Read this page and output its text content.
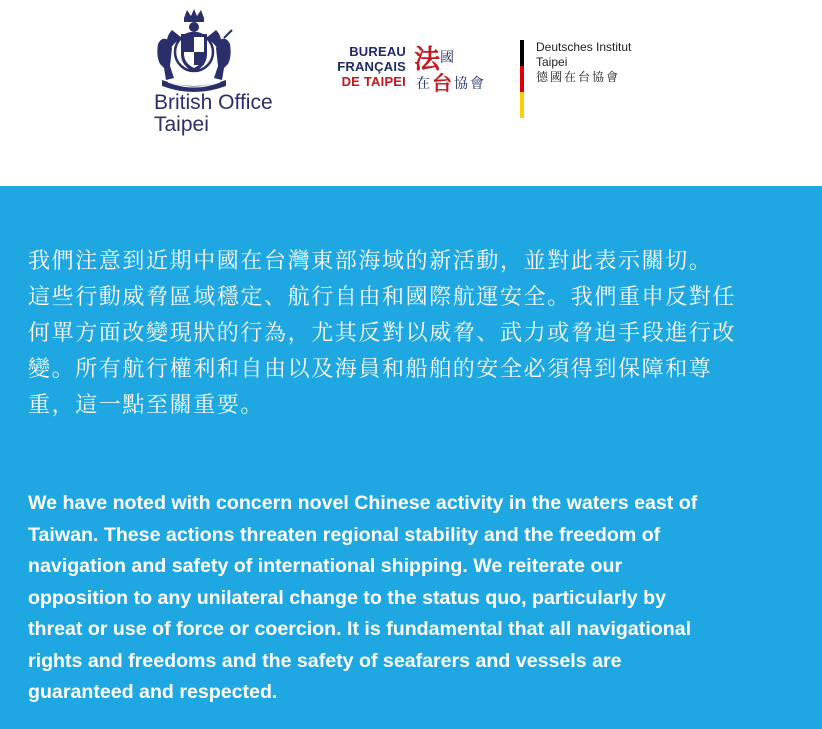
British Office
Taipei
BUREAU
FRANÇAIS
DE TAIPEI
法 國
在 台 協 會
Deutsches Institut
Taipei
德國在台協會
我們注意到近期中國在台灣東部海域的新活動，並對此表示關切。
這些行動威脅區域穩定、航行自由和國際航運安全。我們重申反對任
何單方面改變現狀的行為，尤其反對以威脅、武力或脅迫手段進行改
變。所有航行權利和自由以及海員和船舶的安全必須得到保障和尊
重，這一點至關重要。
We have noted with concern novel Chinese activity in the waters east of
Taiwan. These actions threaten regional stability and the freedom of
navigation and safety of international shipping. We reiterate our
opposition to any unilateral change to the status quo, particularly by
threat or use of force or coercion. It is fundamental that all navigational
rights and freedoms and the safety of seafarers and vessels are
guaranteed and respected.
